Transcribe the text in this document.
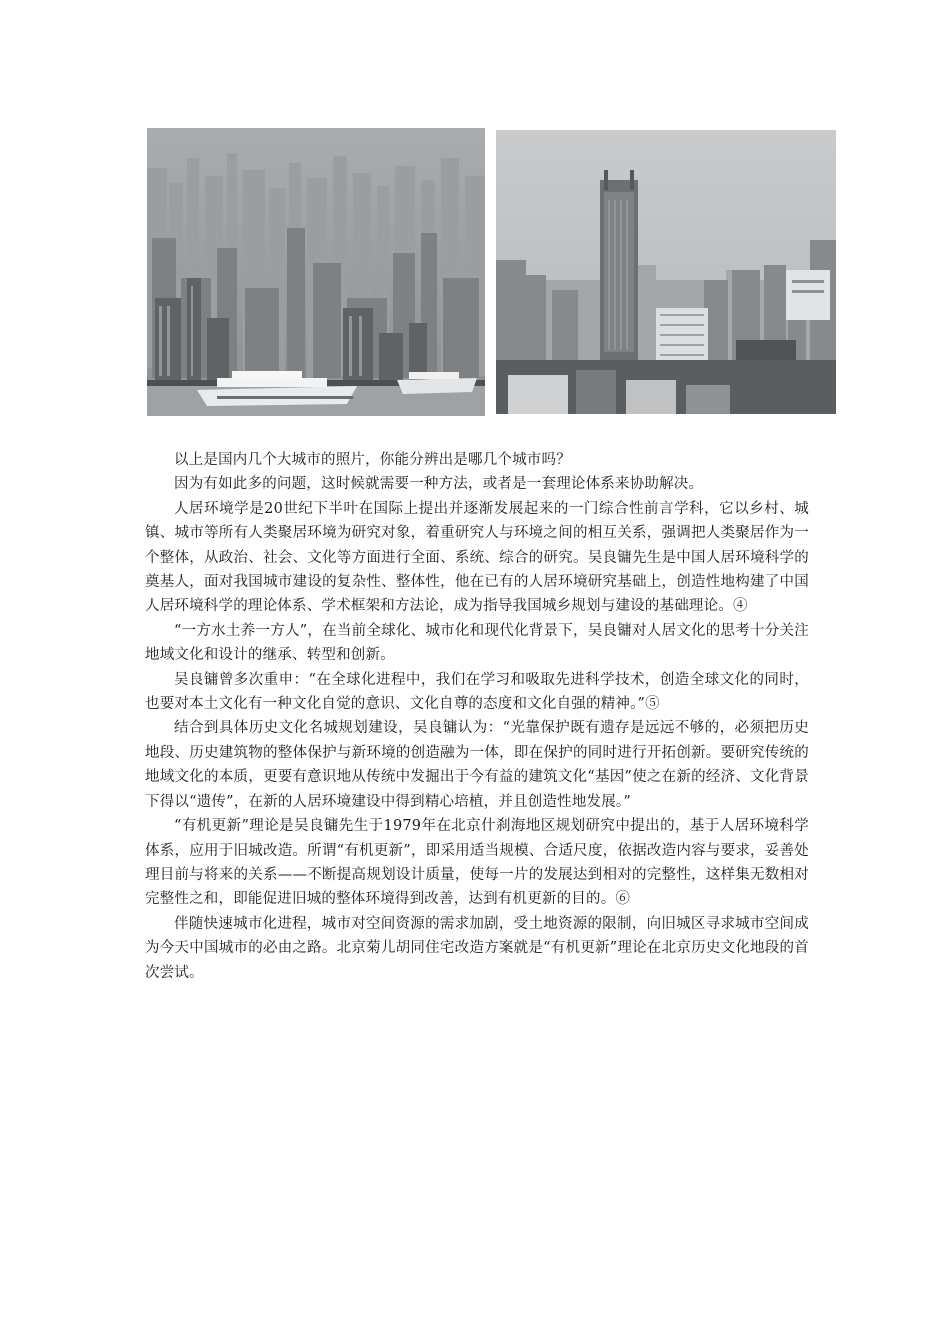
以上是国内几个大城市的照片，你能分辨出是哪几个城市吗？

因为有如此多的问题，这时候就需要一种方法，或者是一套理论体系来协助解决。

人居环境学是20世纪下半叶在国际上提出并逐渐发展起来的一门综合性前言学科，它以乡村、城镇、城市等所有人类聚居环境为研究对象，着重研究人与环境之间的相互关系，强调把人类聚居作为一个整体，从政治、社会、文化等方面进行全面、系统、综合的研究。吴良镛先生是中国人居环境科学的奠基人，面对我国城市建设的复杂性、整体性，他在已有的人居环境研究基础上，创造性地构建了中国人居环境科学的理论体系、学术框架和方法论，成为指导我国城乡规划与建设的基础理论。④

“一方水土养一方人”，在当前全球化、城市化和现代化背景下，吴良镛对人居文化的思考十分关注地域文化和设计的继承、转型和创新。

吴良镛曾多次重申：“在全球化进程中，我们在学习和吸取先进科学技术，创造全球文化的同时，也要对本土文化有一种文化自觉的意识、文化自尊的态度和文化自强的精神。”⑤

结合到具体历史文化名城规划建设，吴良镛认为：“光靠保护既有遗存是远远不够的，必须把历史地段、历史建筑物的整体保护与新环境的创造融为一体，即在保护的同时进行开拓创新。要研究传统的地域文化的本质，更要有意识地从传统中发掘出于今有益的建筑文化“基因”使之在新的经济、文化背景下得以“遗传”，在新的人居环境建设中得到精心培植，并且创造性地发展。”

“有机更新”理论是吴良镛先生于1979年在北京什刹海地区规划研究中提出的，基于人居环境科学体系，应用于旧城改造。所谓“有机更新”，即采用适当规模、合适尺度，依据改造内容与要求，妥善处理目前与将来的关系——不断提高规划设计质量，使每一片的发展达到相对的完整性，这样集无数相对完整性之和，即能促进旧城的整体环境得到改善，达到有机更新的目的。⑥

伴随快速城市化进程，城市对空间资源的需求加剧，受土地资源的限制，向旧城区寻求城市空间成为今天中国城市的必由之路。北京菊儿胡同住宅改造方案就是“有机更新”理论在北京历史文化地段的首次尝试。
